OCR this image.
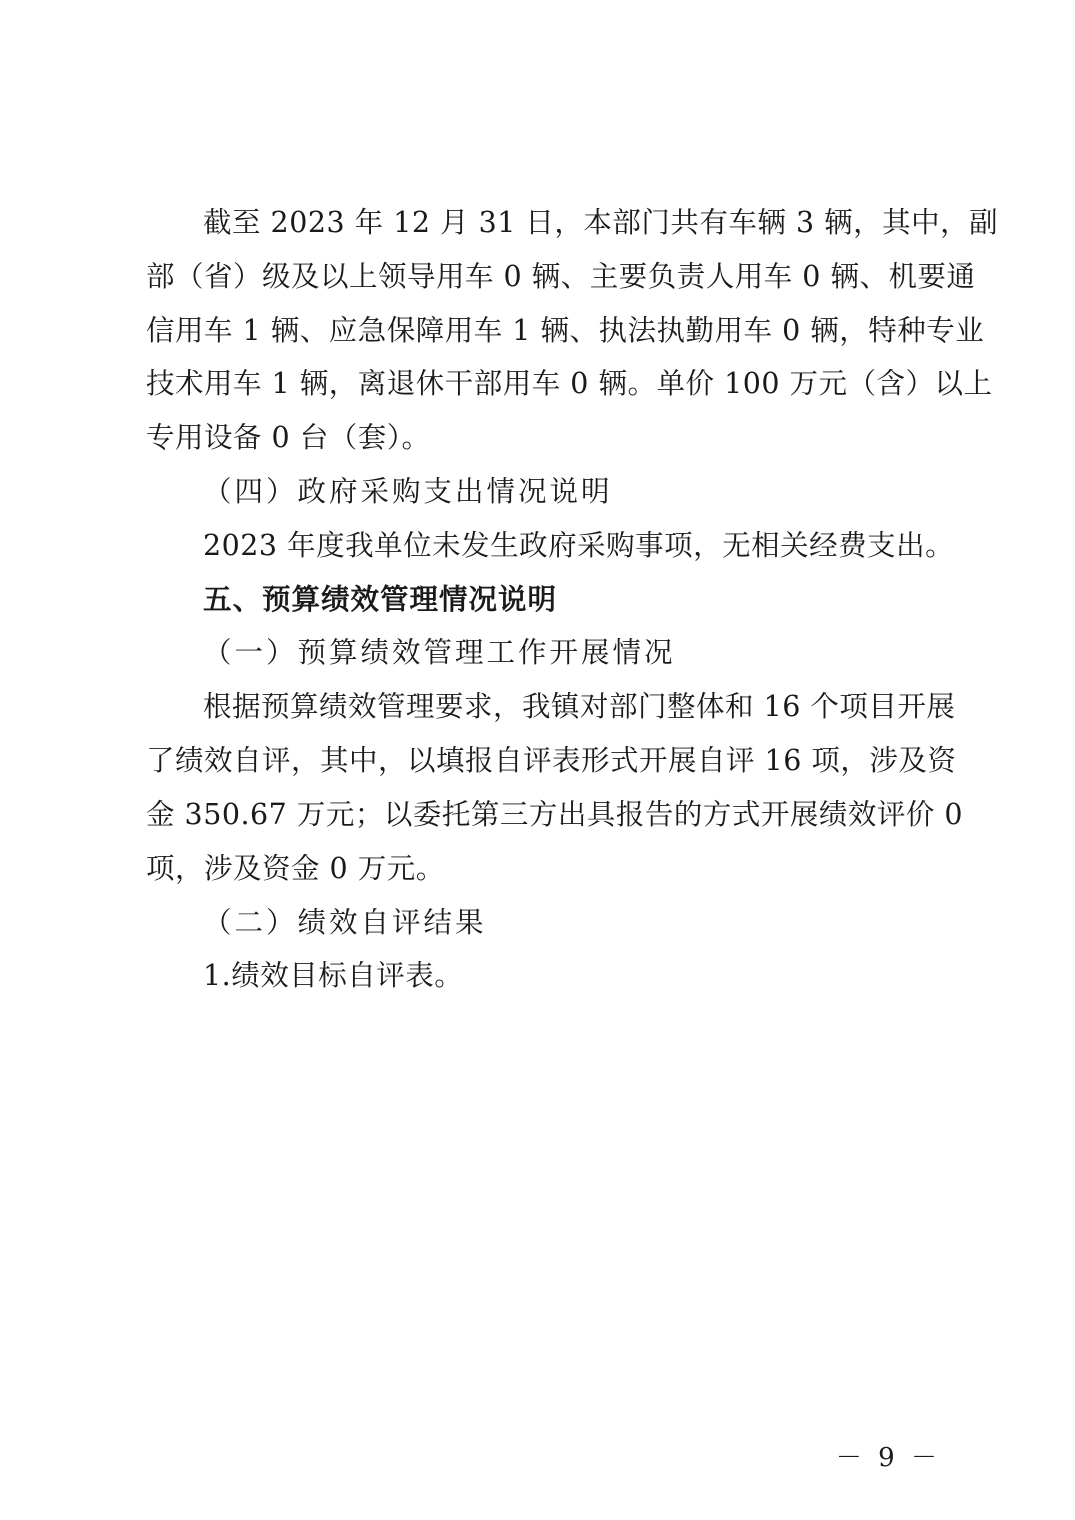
截至 2023 年 12 月 31 日，本部门共有车辆 3 辆，其中，副
部（省）级及以上领导用车 0 辆、主要负责人用车 0 辆、机要通
信用车 1 辆、应急保障用车 1 辆、执法执勤用车 0 辆，特种专业
技术用车 1 辆，离退休干部用车 0 辆。单价 100 万元（含）以上
专用设备 0 台（套）。
（四）政府采购支出情况说明
2023 年度我单位未发生政府采购事项，无相关经费支出。
五、预算绩效管理情况说明
（一）预算绩效管理工作开展情况
根据预算绩效管理要求，我镇对部门整体和 16 个项目开展
了绩效自评，其中，以填报自评表形式开展自评 16 项，涉及资
金 350.67 万元；以委托第三方出具报告的方式开展绩效评价 0
项，涉及资金 0 万元。
（二）绩效自评结果
1.绩效目标自评表。
－ 9 －
